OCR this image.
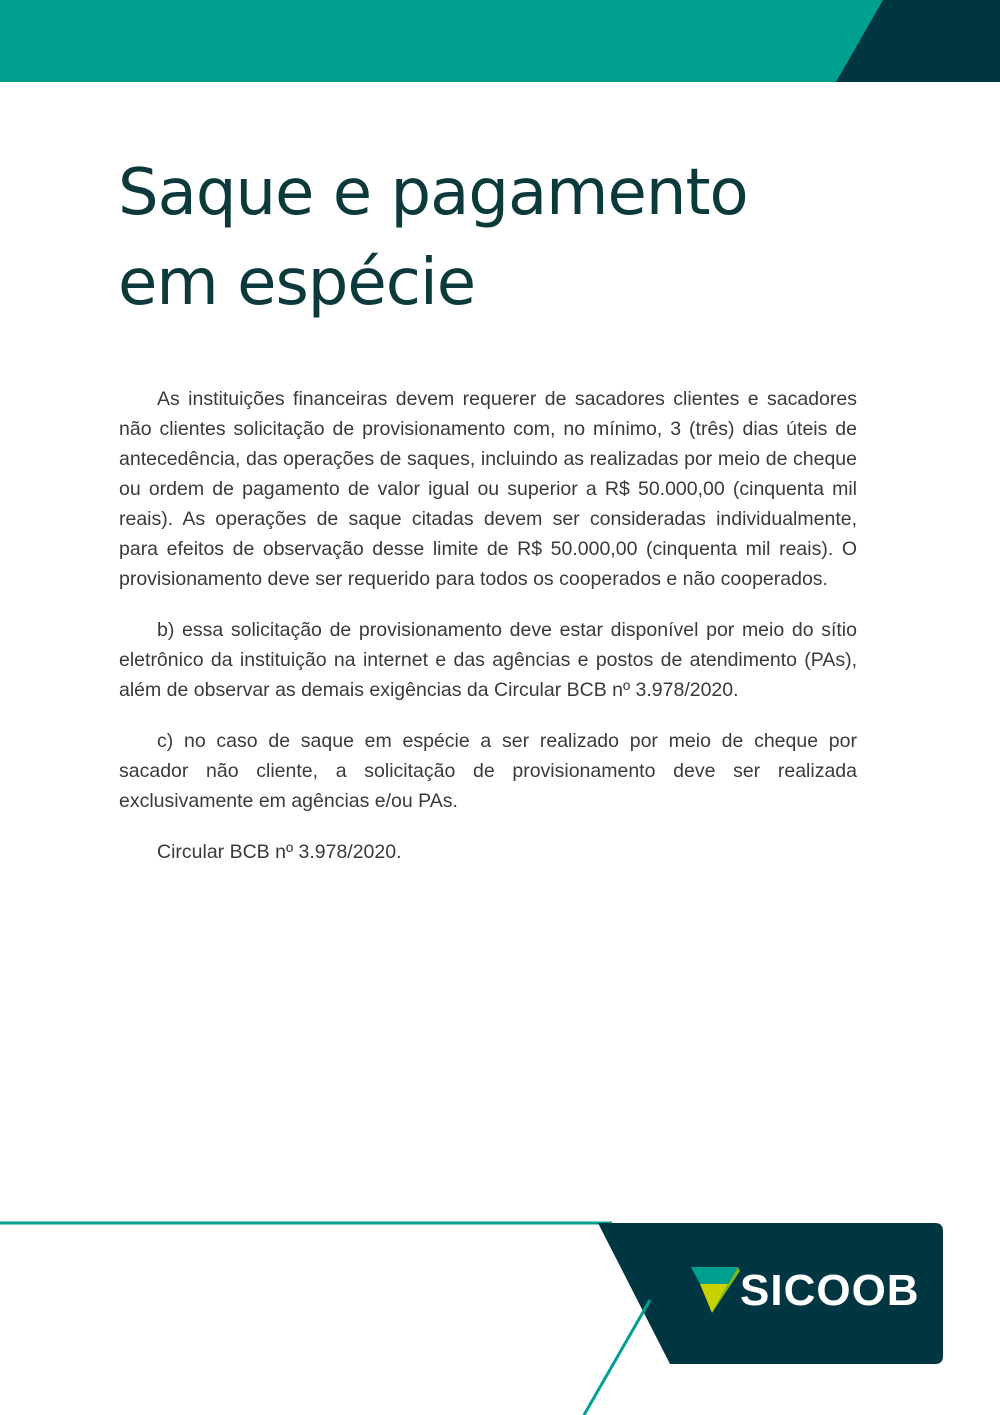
Saque e pagamento
em espécie

As instituições financeiras devem requerer de sacadores clientes e sacadores não clientes solicitação de provisionamento com, no mínimo, 3 (três) dias úteis de antecedência, das operações de saques, incluindo as realizadas por meio de cheque ou ordem de pagamento de valor igual ou superior a R$ 50.000,00 (cinquenta mil reais). As operações de saque citadas devem ser consideradas individualmente, para efeitos de observação desse limite de R$ 50.000,00 (cinquenta mil reais). O provisionamento deve ser requerido para todos os cooperados e não cooperados.

b) essa solicitação de provisionamento deve estar disponível por meio do sítio eletrônico da instituição na internet e das agências e postos de atendimento (PAs), além de observar as demais exigências da Circular BCB nº 3.978/2020.

c) no caso de saque em espécie a ser realizado por meio de cheque por sacador não cliente, a solicitação de provisionamento deve ser realizada exclusivamente em agências e/ou PAs.

Circular BCB nº 3.978/2020.

SICOOB
